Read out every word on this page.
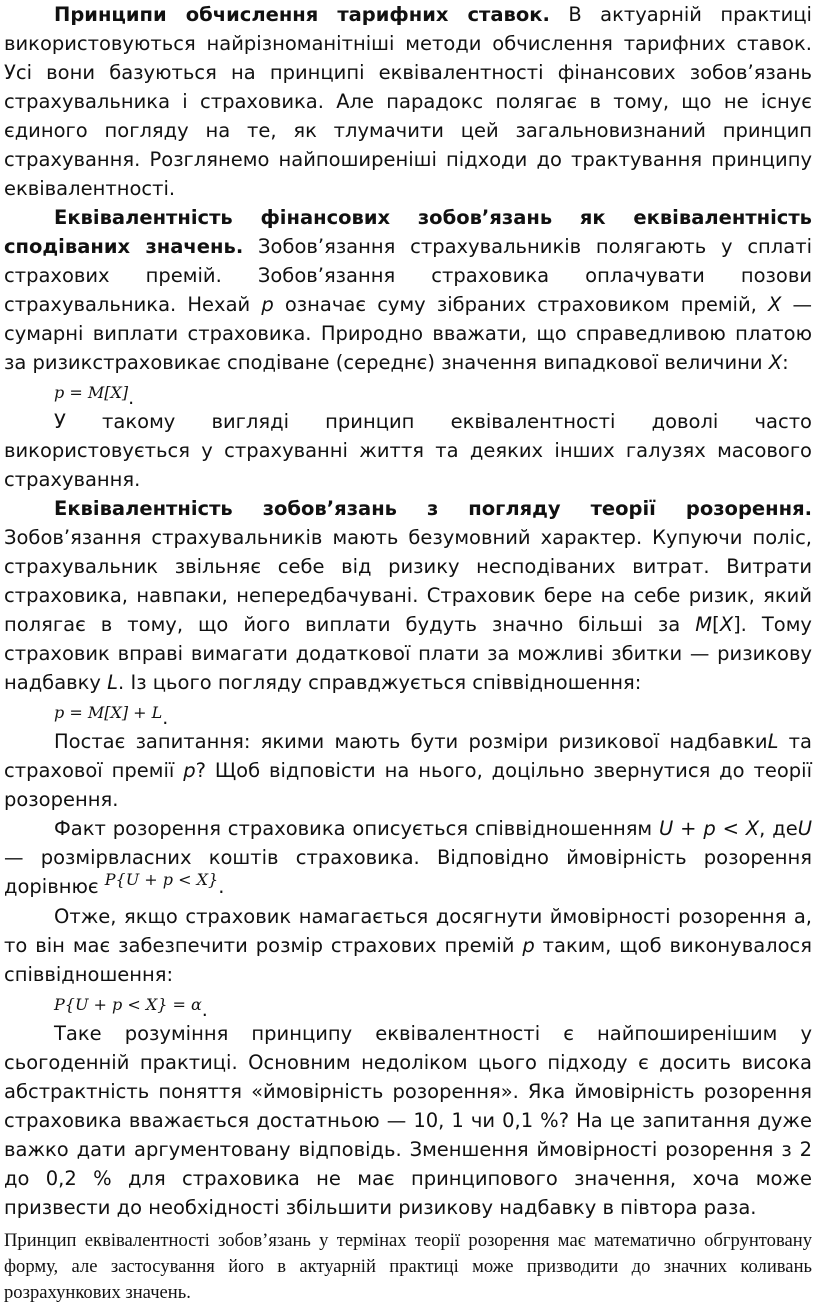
Принципи обчислення тарифних ставок. В актуарній практиці використовуються найрізноманітніші методи обчислення тарифних ставок. Усі вони базуються на принципі еквівалентності фінансових зобов’язань страхувальника і страховика. Але парадокс полягає в тому, що не існує єдиного погляду на те, як тлумачити цей загальновизнаний принцип страхування. Розглянемо найпоширеніші підходи до трактування принципу еквівалентності.

Еквівалентність фінансових зобов’язань як еквівалентність сподіваних значень. Зобов’язання страхувальників полягають у сплаті страхових премій. Зобов’язання страховика оплачувати позови страхувальника. Нехай p означає суму зібраних страховиком премій, X — сумарні виплати страховика. Природно вважати, що справедливою платою за ризикстраховикає сподіване (середнє) значення випадкової величини X:

p = M[X].

У такому вигляді принцип еквівалентності доволі часто використовується у страхуванні життя та деяких інших галузях масового страхування.

Еквівалентність зобов’язань з погляду теорії розорення. Зобов’язання страхувальників мають безумовний характер. Купуючи поліс, страхувальник звільняє себе від ризику несподіваних витрат. Витрати страховика, навпаки, непередбачувані. Страховик бере на себе ризик, який полягає в тому, що його виплати будуть значно більші за M[X]. Тому страховик вправі вимагати додаткової плати за можливі збитки — ризикову надбавку L. Із цього погляду справджується співвідношення:

p = M[X] + L.

Постає запитання: якими мають бути розміри ризикової надбавкиL та страхової премії p? Щоб відповісти на нього, доцільно звернутися до теорії розорення.

Факт розорення страховика описується співвідношенням U + p < X, деU — розмірвласних коштів страховика. Відповідно ймовірність розорення дорівнює $^{P\{U + p < X\}}$.

Отже, якщо страховик намагається досягнути ймовірності розорення а, то він має забезпечити розмір страхових премій p таким, щоб виконувалося співвідношення:

P{U + p < X} = α.

Таке розуміння принципу еквівалентності є найпоширенішим у сьогоденній практиці. Основним недоліком цього підходу є досить висока абстрактність поняття «ймовірність розорення». Яка ймовірність розорення страховика вважається достатньою — 10, 1 чи 0,1 %? На це запитання дуже важко дати аргументовану відповідь. Зменшення ймовірності розорення з 2 до 0,2 % для страховика не має принципового значення, хоча може призвести до необхідності збільшити ризикову надбавку в півтора раза.

Принцип еквівалентності зобов’язань у термінах теорії розорення має математично обгрунтовану форму, але застосування його в актуарній практиці може призводити до значних коливань розрахункових значень.
